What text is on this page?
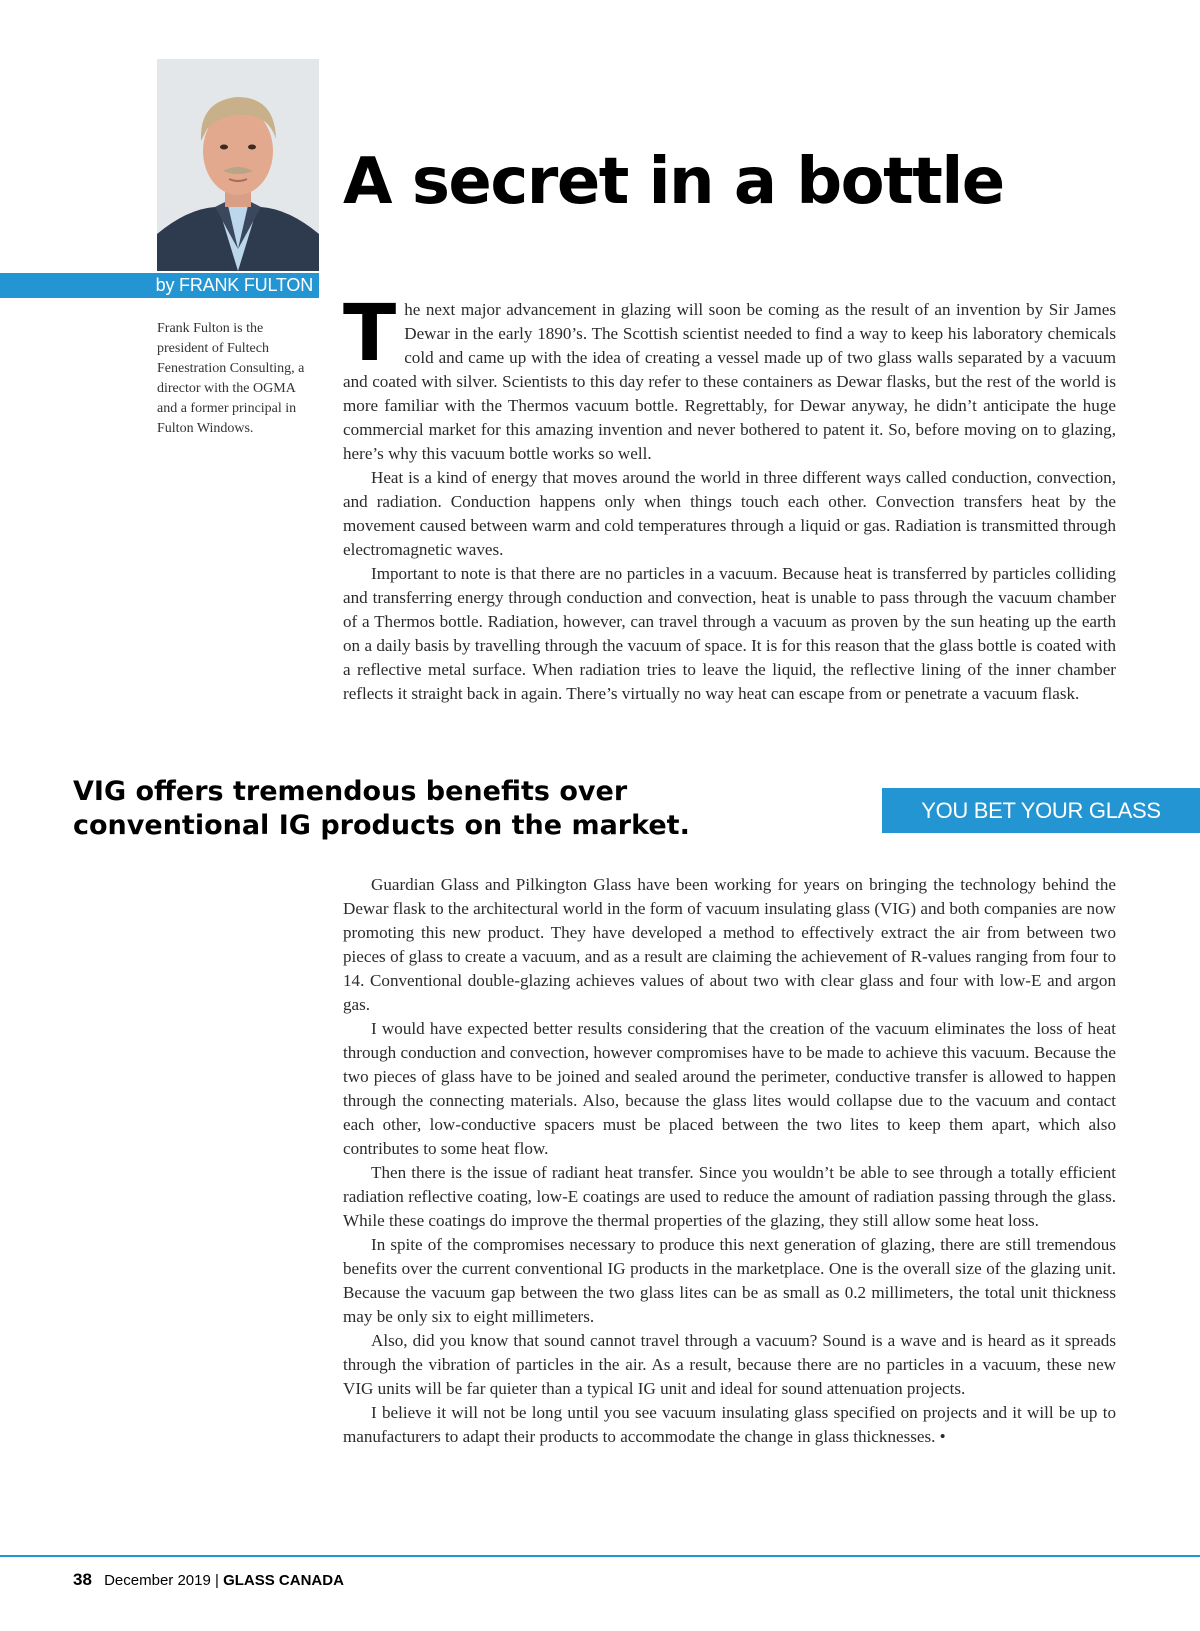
by FRANK FULTON
Frank Fulton is the president of Fultech Fenestration Consulting, a director with the OGMA and a former principal in Fulton Windows.
A secret in a bottle

The next major advancement in glazing will soon be coming as the result of an invention by Sir James Dewar in the early 1890’s. The Scottish scientist needed to find a way to keep his laboratory chemicals cold and came up with the idea of creating a vessel made up of two glass walls separated by a vacuum and coated with silver. Scientists to this day refer to these containers as Dewar flasks, but the rest of the world is more familiar with the Thermos vacuum bottle. Regrettably, for Dewar anyway, he didn’t anticipate the huge commercial market for this amazing invention and never bothered to patent it. So, before moving on to glazing, here’s why this vacuum bottle works so well.

Heat is a kind of energy that moves around the world in three different ways called conduction, convection, and radiation. Conduction happens only when things touch each other. Convection transfers heat by the movement caused between warm and cold temperatures through a liquid or gas. Radiation is transmitted through electromagnetic waves.

Important to note is that there are no particles in a vacuum. Because heat is transferred by particles colliding and transferring energy through conduction and convection, heat is unable to pass through the vacuum chamber of a Thermos bottle. Radiation, however, can travel through a vacuum as proven by the sun heating up the earth on a daily basis by travelling through the vacuum of space. It is for this reason that the glass bottle is coated with a reflective metal surface. When radiation tries to leave the liquid, the reflective lining of the inner chamber reflects it straight back in again. There’s virtually no way heat can escape from or penetrate a vacuum flask.

VIG offers tremendous benefits over conventional IG products on the market.	YOU BET YOUR GLASS

Guardian Glass and Pilkington Glass have been working for years on bringing the technology behind the Dewar flask to the architectural world in the form of vacuum insulating glass (VIG) and both companies are now promoting this new product. They have developed a method to effectively extract the air from between two pieces of glass to create a vacuum, and as a result are claiming the achievement of R-values ranging from four to 14. Conventional double-glazing achieves values of about two with clear glass and four with low-E and argon gas.

I would have expected better results considering that the creation of the vacuum eliminates the loss of heat through conduction and convection, however compromises have to be made to achieve this vacuum. Because the two pieces of glass have to be joined and sealed around the perimeter, conductive transfer is allowed to happen through the connecting materials. Also, because the glass lites would collapse due to the vacuum and contact each other, low-conductive spacers must be placed between the two lites to keep them apart, which also contributes to some heat flow.

Then there is the issue of radiant heat transfer. Since you wouldn’t be able to see through a totally efficient radiation reflective coating, low-E coatings are used to reduce the amount of radiation passing through the glass. While these coatings do improve the thermal properties of the glazing, they still allow some heat loss.

In spite of the compromises necessary to produce this next generation of glazing, there are still tremendous benefits over the current conventional IG products in the marketplace. One is the overall size of the glazing unit. Because the vacuum gap between the two glass lites can be as small as 0.2 millimeters, the total unit thickness may be only six to eight millimeters.

Also, did you know that sound cannot travel through a vacuum? Sound is a wave and is heard as it spreads through the vibration of particles in the air. As a result, because there are no particles in a vacuum, these new VIG units will be far quieter than a typical IG unit and ideal for sound attenuation projects.

I believe it will not be long until you see vacuum insulating glass specified on projects and it will be up to manufacturers to adapt their products to accommodate the change in glass thicknesses. •

38 December 2019 | GLASS CANADA
